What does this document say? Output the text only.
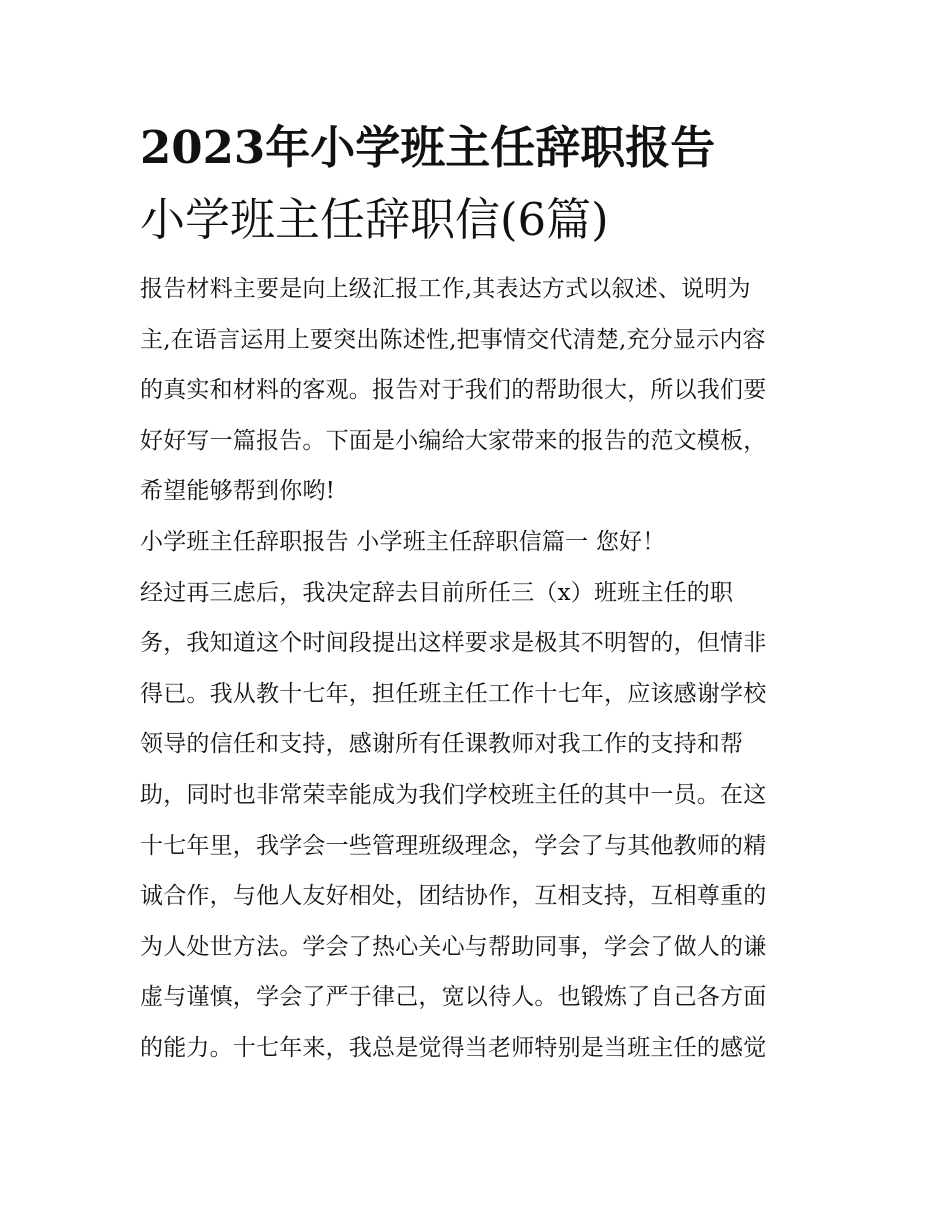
2023年小学班主任辞职报告
小学班主任辞职信(6篇)

报告材料主要是向上级汇报工作,其表达方式以叙述、说明为

主,在语言运用上要突出陈述性,把事情交代清楚,充分显示内容

的真实和材料的客观。报告对于我们的帮助很大，所以我们要

好好写一篇报告。下面是小编给大家带来的报告的范文模板，

希望能够帮到你哟!

小学班主任辞职报告 小学班主任辞职信篇一 您好！

经过再三虑后，我决定辞去目前所任三（x）班班主任的职

务，我知道这个时间段提出这样要求是极其不明智的，但情非

得已。我从教十七年，担任班主任工作十七年，应该感谢学校

领导的信任和支持，感谢所有任课教师对我工作的支持和帮

助，同时也非常荣幸能成为我们学校班主任的其中一员。在这

十七年里，我学会一些管理班级理念，学会了与其他教师的精

诚合作，与他人友好相处，团结协作，互相支持，互相尊重的

为人处世方法。学会了热心关心与帮助同事，学会了做人的谦

虚与谨慎，学会了严于律己，宽以待人。也锻炼了自己各方面

的能力。十七年来，我总是觉得当老师特别是当班主任的感觉
